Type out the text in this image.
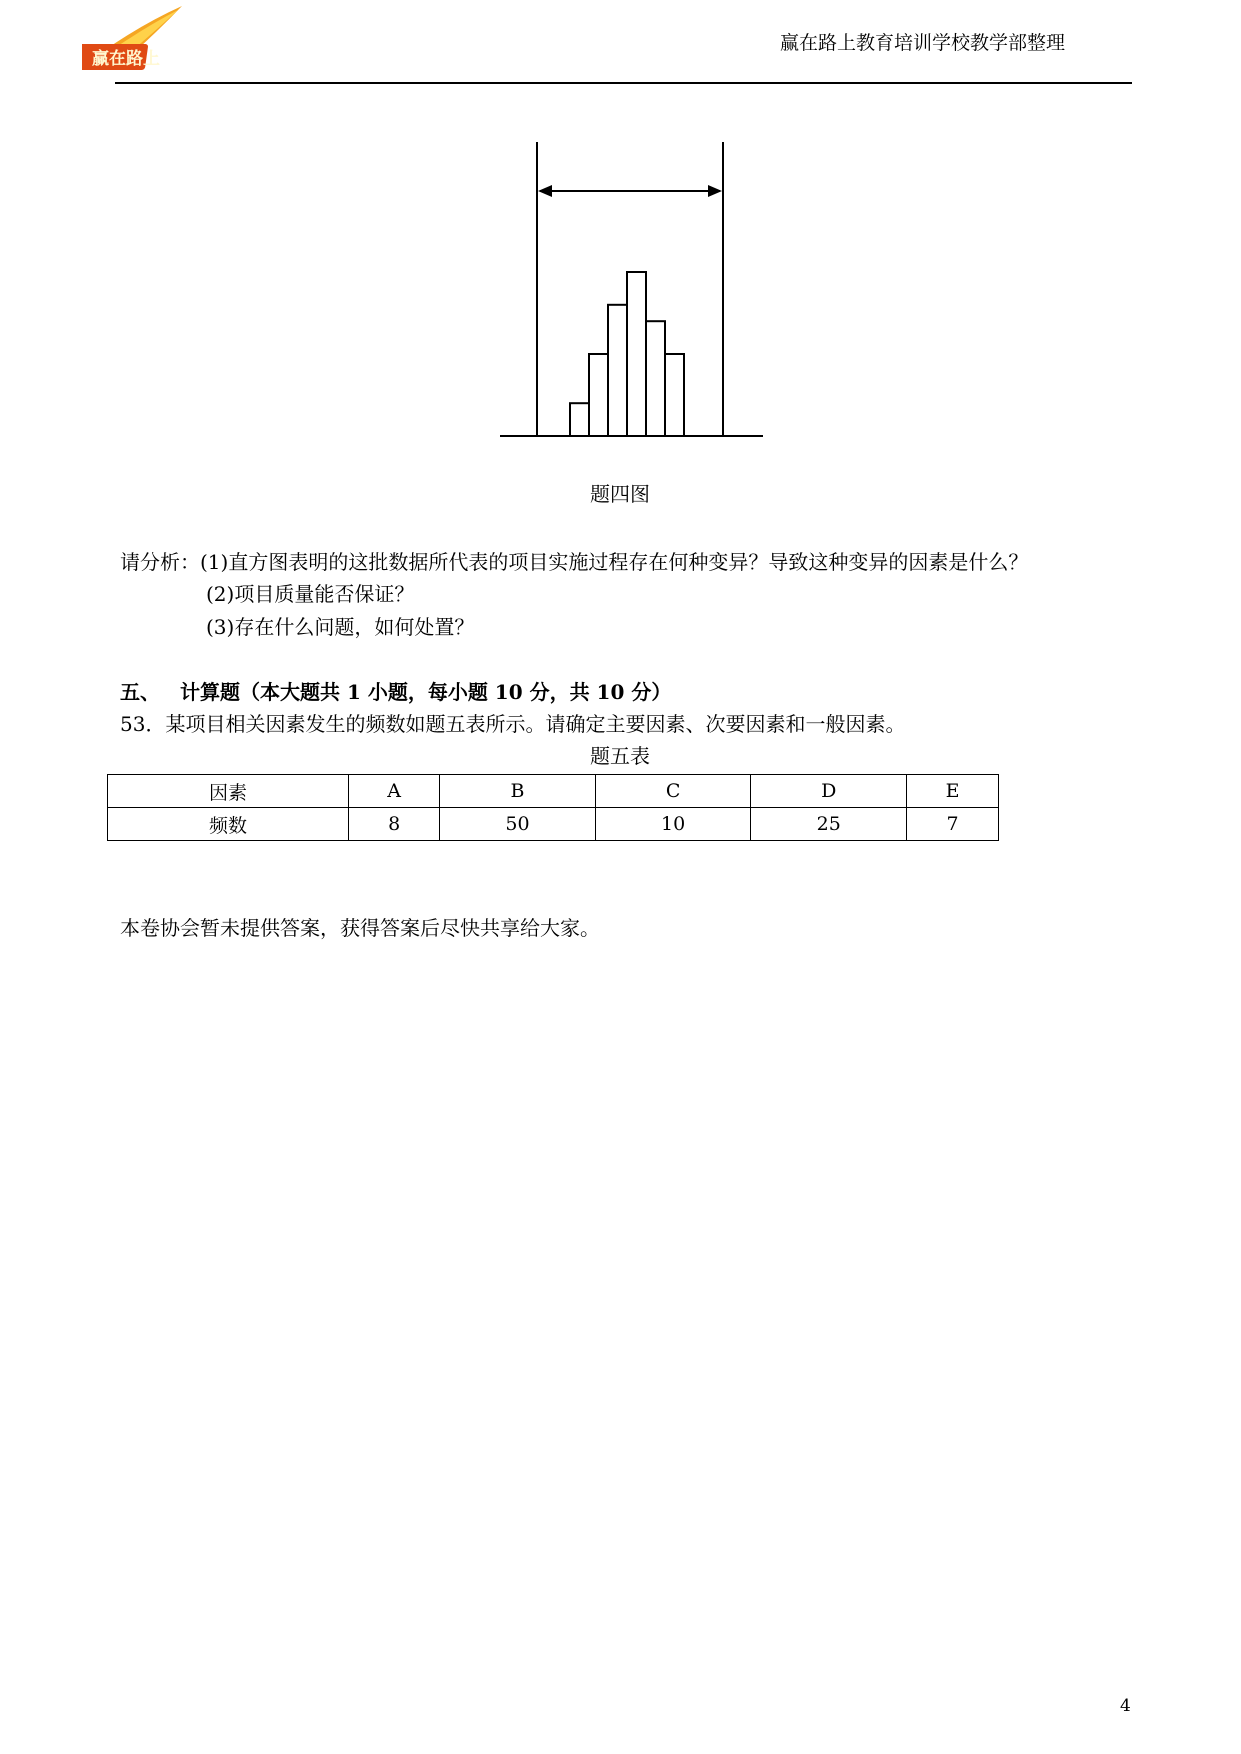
赢在路上
赢在路上教育培训学校教学部整理
题四图
请分析：(1)直方图表明的这批数据所代表的项目实施过程存在何种变异？导致这种变异的因素是什么？
(2)项目质量能否保证？
(3)存在什么问题，如何处置？
五、 计算题（本大题共 1 小题，每小题 10 分，共 10 分）
53．某项目相关因素发生的频数如题五表所示。请确定主要因素、次要因素和一般因素。
题五表
因素	A	B	C	D	E
频数	8	50	10	25	7
本卷协会暂未提供答案，获得答案后尽快共享给大家。
4
